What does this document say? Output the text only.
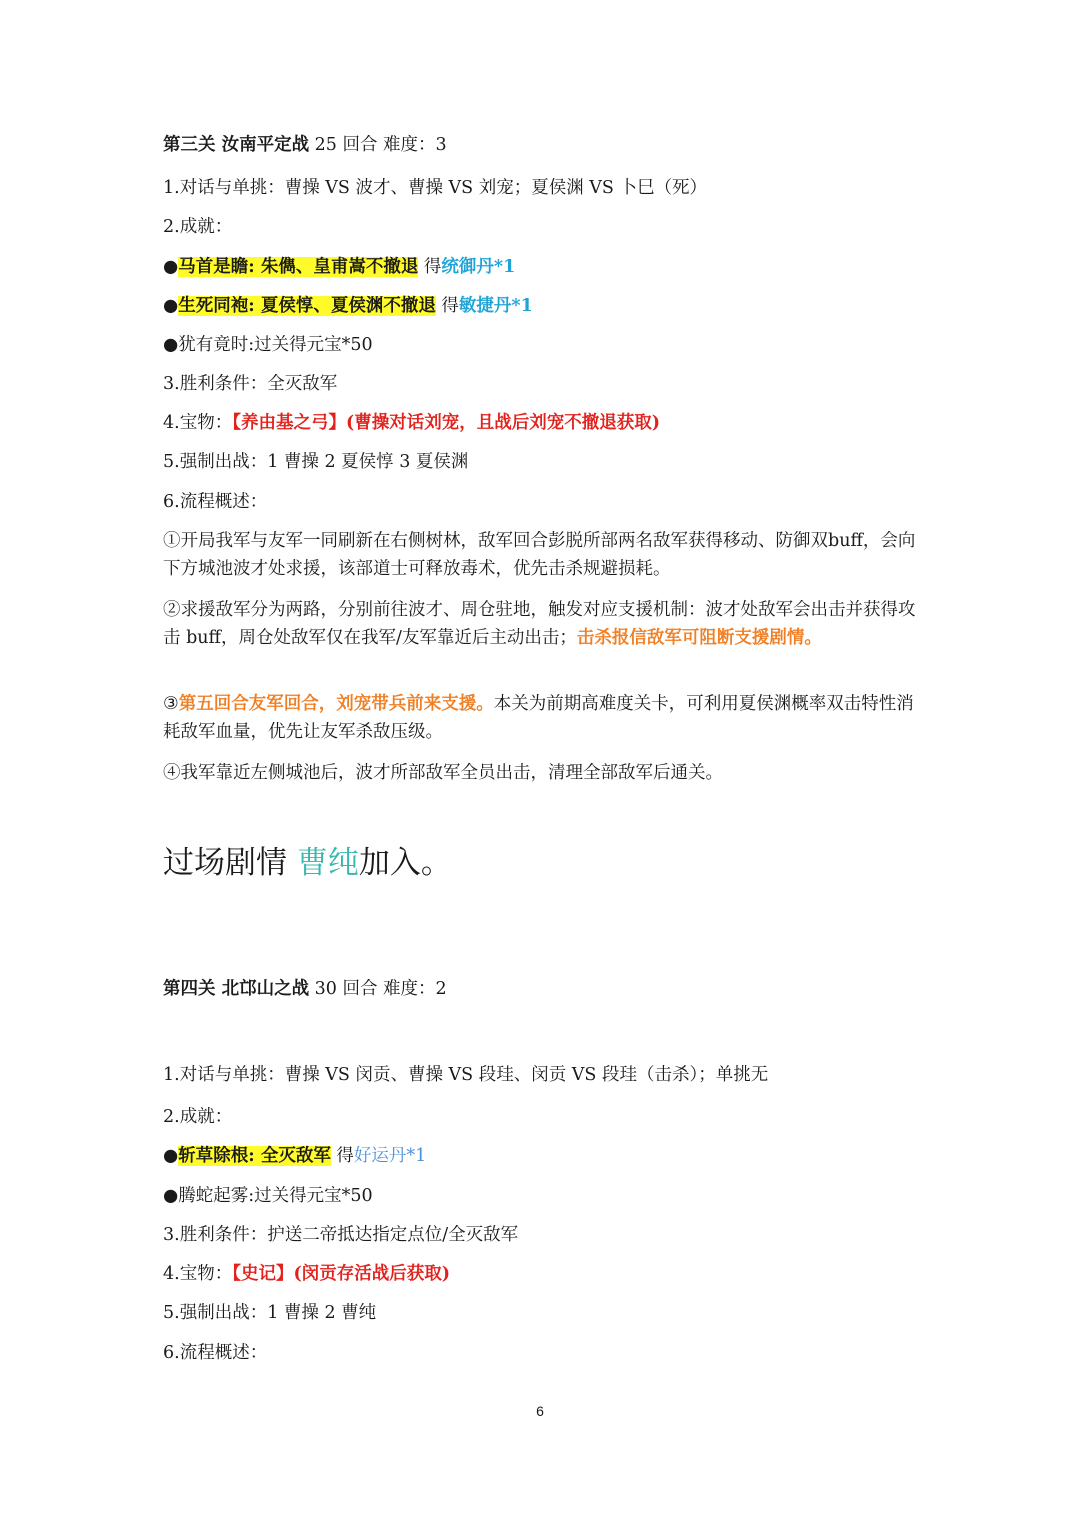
第三关 汝南平定战 25 回合 难度：3
1.对话与单挑：曹操 VS 波才、曹操 VS 刘宠；夏侯渊 VS 卜巳（死）
2.成就：
●马首是瞻: 朱儁、皇甫嵩不撤退 得统御丹*1
●生死同袍: 夏侯惇、夏侯渊不撤退 得敏捷丹*1
●犹有竟时:过关得元宝*50
3.胜利条件：全灭敌军
4.宝物：【养由基之弓】(曹操对话刘宠，且战后刘宠不撤退获取)
5.强制出战：1 曹操 2 夏侯惇 3 夏侯渊
6.流程概述：
①开局我军与友军一同刷新在右侧树林，敌军回合彭脱所部两名敌军获得移动、防御双buff，会向下方城池波才处求援，该部道士可释放毒术，优先击杀规避损耗。
②求援敌军分为两路，分别前往波才、周仓驻地，触发对应支援机制：波才处敌军会出击并获得攻击 buff，周仓处敌军仅在我军/友军靠近后主动出击；击杀报信敌军可阻断支援剧情。
③第五回合友军回合，刘宠带兵前来支援。本关为前期高难度关卡，可利用夏侯渊概率双击特性消耗敌军血量，优先让友军杀敌压级。
④我军靠近左侧城池后，波才所部敌军全员出击，清理全部敌军后通关。
过场剧情 曹纯加入。
第四关 北邙山之战 30 回合 难度：2
1.对话与单挑：曹操 VS 闵贡、曹操 VS 段珪、闵贡 VS 段珪（击杀）；单挑无
2.成就：
●斩草除根: 全灭敌军 得好运丹*1
●腾蛇起雾:过关得元宝*50
3.胜利条件：护送二帝抵达指定点位/全灭敌军
4.宝物：【史记】(闵贡存活战后获取)
5.强制出战：1 曹操 2 曹纯
6.流程概述：
6
